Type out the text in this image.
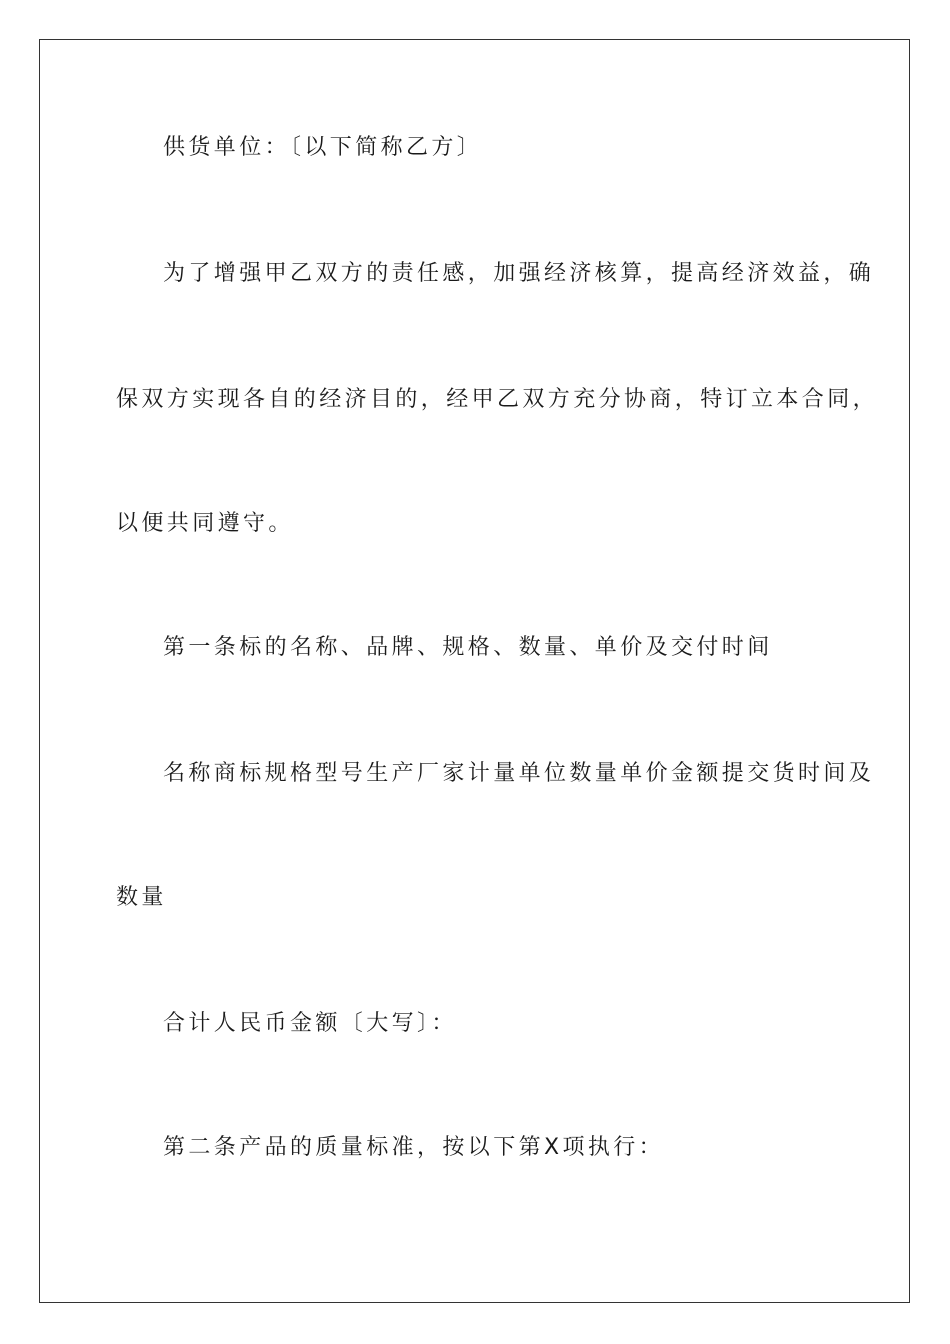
供货单位：〔以下简称乙方〕

为了增强甲乙双方的责任感，加强经济核算，提高经济效益，确

保双方实现各自的经济目的，经甲乙双方充分协商，特订立本合同，

以便共同遵守。

第一条标的名称、品牌、规格、数量、单价及交付时间

名称商标规格型号生产厂家计量单位数量单价金额提交货时间及

数量

合计人民币金额〔大写〕：

第二条产品的质量标准，按以下第X项执行：
